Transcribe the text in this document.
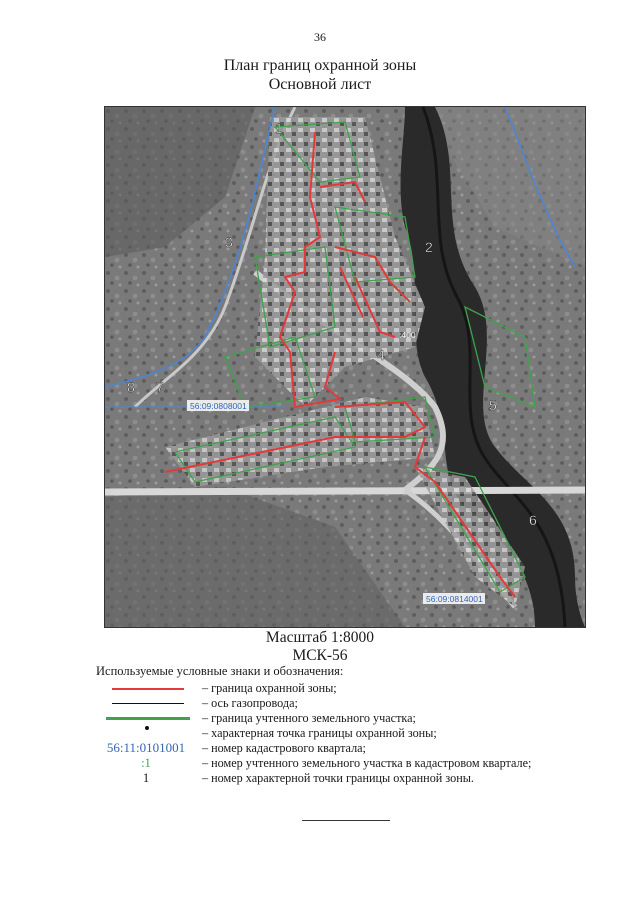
36
План границ охранной зоны
Основной лист
1
2
3
4
5
6
7
8
56:09:0808001
56:09:0814001
:400
Масштаб 1:8000
МСК-56
Используемые условные знаки и обозначения:
– граница охранной зоны;
– ось газопровода;
– граница учтенного земельного участка;
– характерная точка границы охранной зоны;
56:11:0101001	– номер кадастрового квартала;
:1	– номер учтенного земельного участка в кадастровом квартале;
1	– номер характерной точки границы охранной зоны.
